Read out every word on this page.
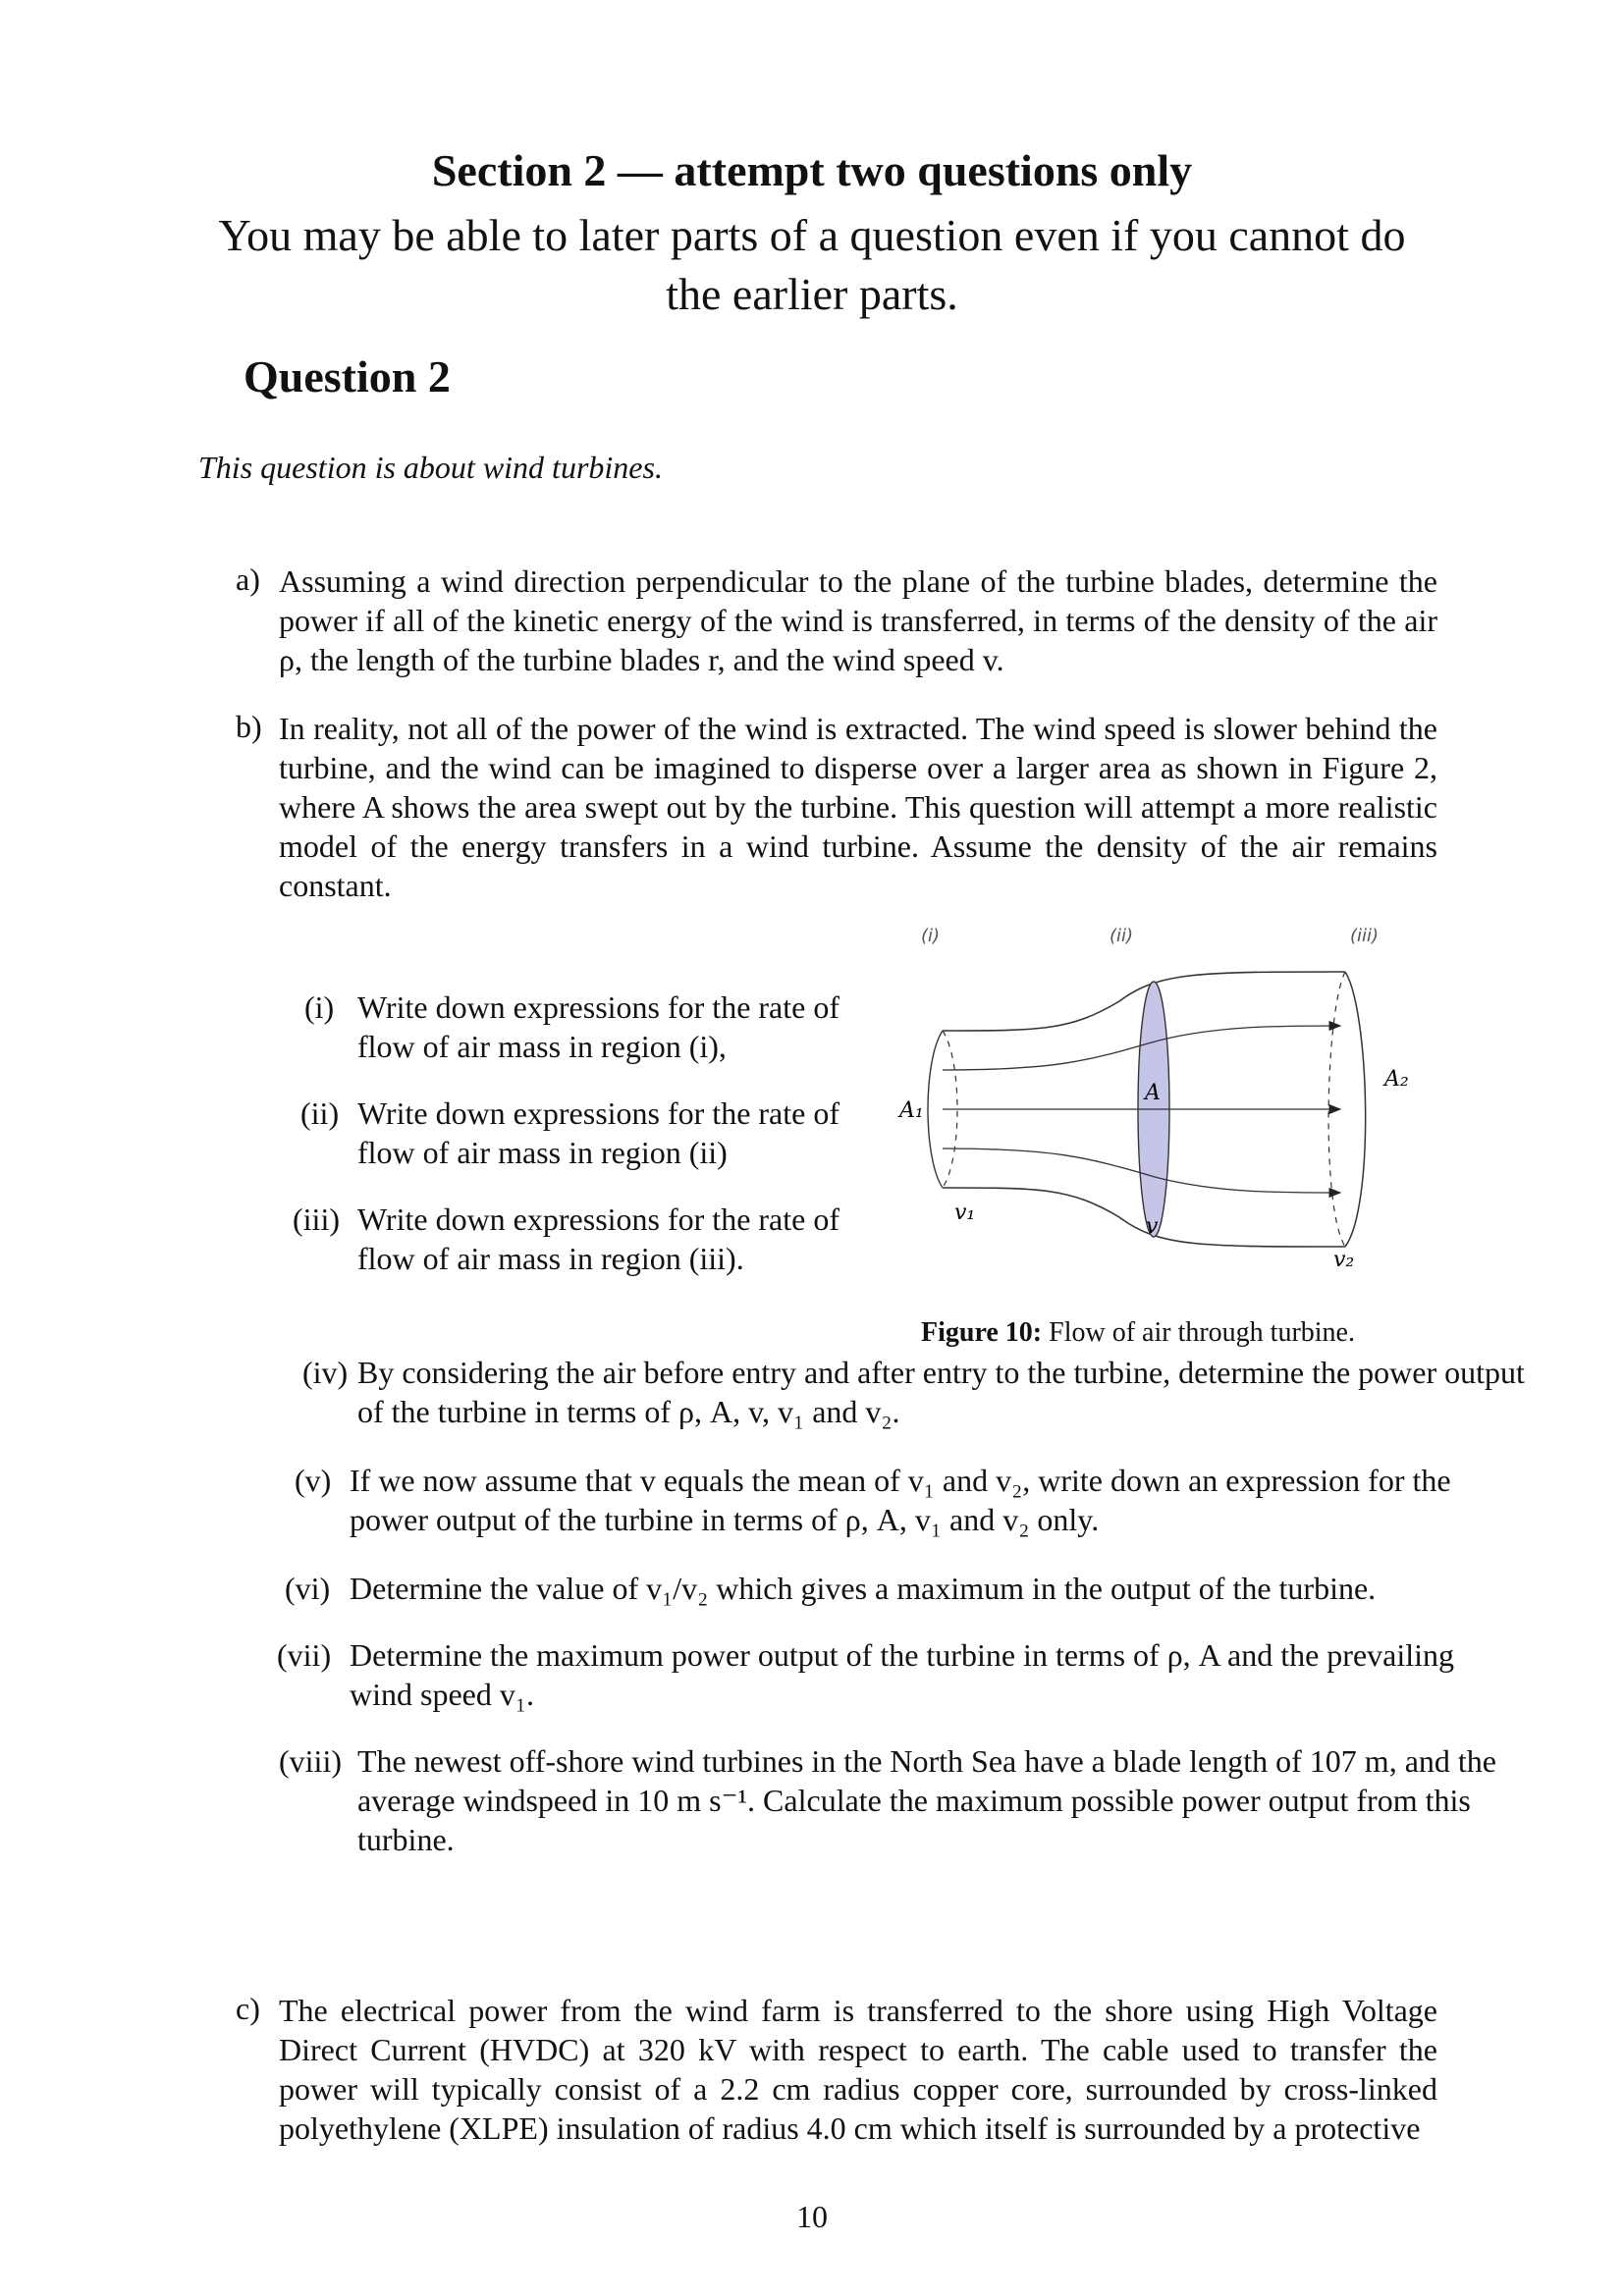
Section 2 — attempt two questions only
You may be able to later parts of a question even if you cannot do the earlier parts.
Question 2
This question is about wind turbines.
a) Assuming a wind direction perpendicular to the plane of the turbine blades, determine the power if all of the kinetic energy of the wind is transferred, in terms of the density of the air ρ, the length of the turbine blades r, and the wind speed v.
b) In reality, not all of the power of the wind is extracted. The wind speed is slower behind the turbine, and the wind can be imagined to disperse over a larger area as shown in Figure 2, where A shows the area swept out by the turbine. This question will attempt a more realistic model of the energy transfers in a wind turbine. Assume the density of the air remains constant.
(i) Write down expressions for the rate of flow of air mass in region (i),
(ii) Write down expressions for the rate of flow of air mass in region (ii)
(iii) Write down expressions for the rate of flow of air mass in region (iii).
(i)	(ii)	(iii)
A₁
A
A₂
v₁
v
v₂
Figure 10: Flow of air through turbine.
(iv) By considering the air before entry and after entry to the turbine, determine the power output of the turbine in terms of ρ, A, v, v₁ and v₂.
(v) If we now assume that v equals the mean of v₁ and v₂, write down an expression for the power output of the turbine in terms of ρ, A, v₁ and v₂ only.
(vi) Determine the value of v₁/v₂ which gives a maximum in the output of the turbine.
(vii) Determine the maximum power output of the turbine in terms of ρ, A and the prevailing wind speed v₁.
(viii) The newest off-shore wind turbines in the North Sea have a blade length of 107 m, and the average windspeed in 10 m s⁻¹. Calculate the maximum possible power output from this turbine.
c) The electrical power from the wind farm is transferred to the shore using High Voltage Direct Current (HVDC) at 320 kV with respect to earth. The cable used to transfer the power will typically consist of a 2.2 cm radius copper core, surrounded by cross-linked polyethylene (XLPE) insulation of radius 4.0 cm which itself is surrounded by a protective
10
